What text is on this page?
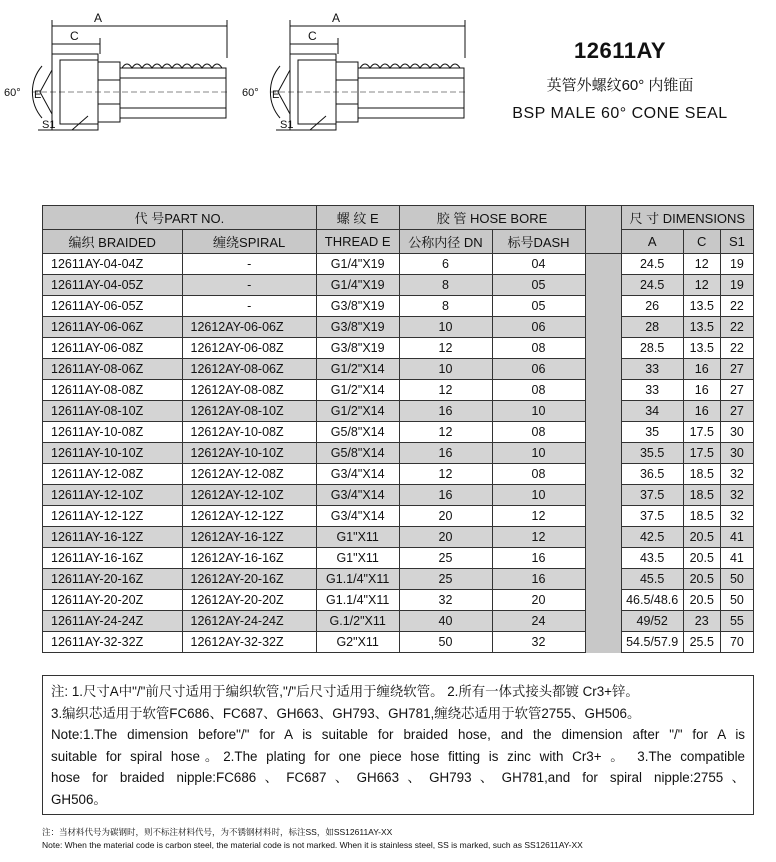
A
C
E
60°
S1
A
C
E
60°
S1
12611AY
英管外螺纹60° 内锥面
BSP MALE 60° CONE SEAL
代 号PART NO.		螺 纹 E	胶 管 HOSE BORE			尺 寸 DIMENSIONS		
编织 BRAIDED	缠绕SPIRAL	THREAD E	公称内径 DN	标号DASH		A	C	S1
12611AY-04-04Z	-	G1/4"X19	6	04		24.5	12	19
12611AY-04-05Z	-	G1/4"X19	8	05		24.5	12	19
12611AY-06-05Z	-	G3/8"X19	8	05		26	13.5	22
12611AY-06-06Z	12612AY-06-06Z	G3/8"X19	10	06		28	13.5	22
12611AY-06-08Z	12612AY-06-08Z	G3/8"X19	12	08		28.5	13.5	22
12611AY-08-06Z	12612AY-08-06Z	G1/2"X14	10	06		33	16	27
12611AY-08-08Z	12612AY-08-08Z	G1/2"X14	12	08		33	16	27
12611AY-08-10Z	12612AY-08-10Z	G1/2"X14	16	10		34	16	27
12611AY-10-08Z	12612AY-10-08Z	G5/8"X14	12	08		35	17.5	30
12611AY-10-10Z	12612AY-10-10Z	G5/8"X14	16	10		35.5	17.5	30
12611AY-12-08Z	12612AY-12-08Z	G3/4"X14	12	08		36.5	18.5	32
12611AY-12-10Z	12612AY-12-10Z	G3/4"X14	16	10		37.5	18.5	32
12611AY-12-12Z	12612AY-12-12Z	G3/4"X14	20	12		37.5	18.5	32
12611AY-16-12Z	12612AY-16-12Z	G1"X11	20	12		42.5	20.5	41
12611AY-16-16Z	12612AY-16-16Z	G1"X11	25	16		43.5	20.5	41
12611AY-20-16Z	12612AY-20-16Z	G1.1/4"X11	25	16		45.5	20.5	50
12611AY-20-20Z	12612AY-20-20Z	G1.1/4"X11	32	20		46.5/48.6	20.5	50
12611AY-24-24Z	12612AY-24-24Z	G.1/2"X11	40	24		49/52	23	55
12611AY-32-32Z	12612AY-32-32Z	G2"X11	50	32		54.5/57.9	25.5	70

注: 1.尺寸A中"/"前尺寸适用于编织软管,"/"后尺寸适用于缠绕软管。 2.所有一体式接头都镀 Cr3+锌。

3.编织芯适用于软管FC686、FC687、GH663、GH793、GH781,缠绕芯适用于软管2755、GH506。

Note:1.The dimension before"/" for A is suitable for braided hose, and the dimension after "/" for A is

suitable for spiral hose。2.The plating for one piece hose fitting is zinc with Cr3+ 。 3.The compatible

hose for braided nipple:FC686、FC687、GH663、GH793、GH781,and for spiral nipple:2755、

GH506。

注：当材料代号为碳钢时，则不标注材料代号，为不锈钢材料时，标注SS，如SS12611AY-XX
Note: When the material code is carbon steel, the material code is not marked. When it is stainless steel, SS is marked, such as SS12611AY-XX
